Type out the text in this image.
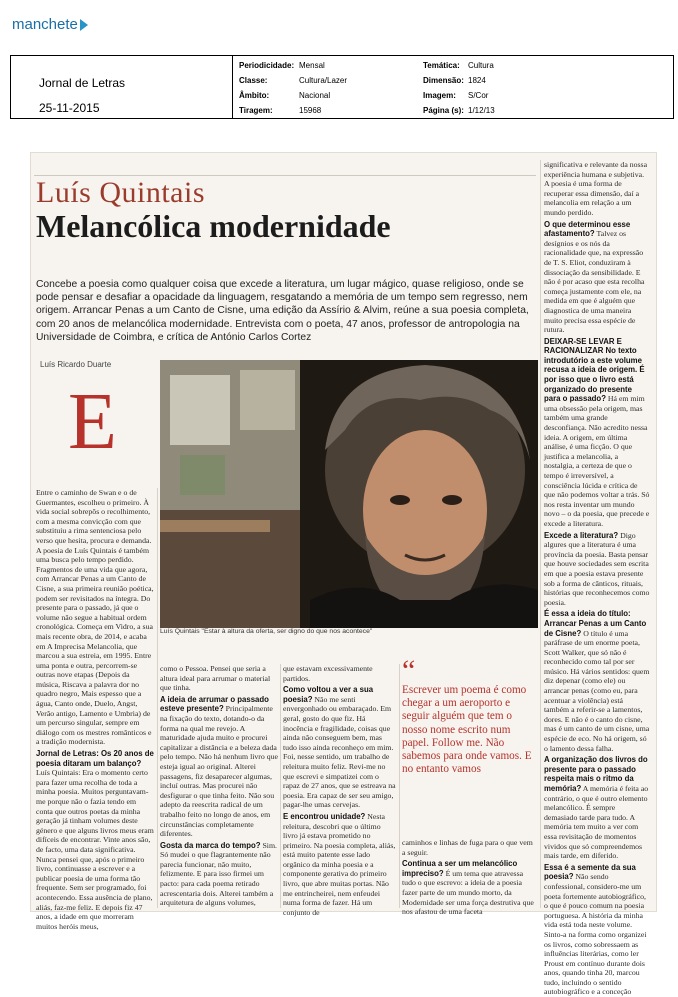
manchete
Jornal de Letras
25-11-2015
Periodicidade: Mensal	Temática: Cultura
Classe:	Cultura/Lazer	Dimensão: 1824
Âmbito:	Nacional	Imagem: S/Cor
Tiragem:	15968	Página (s): 1/12/13
Luís Quintais
Melancólica modernidade
Concebe a poesia como qualquer coisa que excede a literatura, um lugar mágico, quase religioso, onde se pode pensar e desafiar a opacidade da linguagem, resgatando a memória de um tempo sem regresso, nem origem. Arrancar Penas a um Canto de Cisne, uma edição da Assírio & Alvim, reúne a sua poesia completa, com 20 anos de melancólica modernidade. Entrevista com o poeta, 47 anos, professor de antropologia na Universidade de Coimbra, e crítica de António Carlos Cortez
Luís Ricardo Duarte
E

Entre o caminho de Swan e o de Guermantes, escolheu o primeiro. À vida social sobrepôs o recolhimento, com a mesma convicção com que substituiu a rima sentenciosa pelo verso que hesita, procura e demanda. A poesia de Luís Quintais é também uma busca pelo tempo perdido. Fragmentos de uma vida que agora, com Arrancar Penas a um Canto de Cisne, a sua primeira reunião poética, podem ser revisitados na íntegra. Do presente para o passado, já que o volume não segue a habitual ordem cronológica. Começa em Vidro, a sua mais recente obra, de 2014, e acaba em A Imprecisa Melancolia, que marcou a sua estreia, em 1995. Entre uma ponta e outra, percorrem-se outras nove etapas (Depois da música, Riscava a palavra dor no quadro negro, Mais espesso que a água, Canto onde, Duelo, Angst, Verão antigo, Lamento e Umbria) de um percurso singular, sempre em diálogo com os mestres românticos e a tradição modernista.

Jornal de Letras: Os 20 anos de poesia ditaram um balanço? Luís Quintais: Era o momento certo para fazer uma recolha de toda a minha poesia. Muitos perguntavam-me porque não o fazia tendo em conta que outros poetas da minha geração já tinham volumes deste género e que alguns livros meus eram difíceis de encontrar. Vinte anos são, de facto, uma data significativa. Nunca pensei que, após o primeiro livro, continuasse a escrever e a publicar poesia de uma forma tão frequente. Sem ser programado, foi acontecendo. Essa ausência de plano, aliás, faz-me feliz. E depois fiz 47 anos, a idade em que morreram muitos heróis meus,

como o Pessoa. Pensei que seria a altura ideal para arrumar o material que tinha.

A ideia de arrumar o passado esteve presente? Principalmente na fixação do texto, dotando-o da forma na qual me revejo. A maturidade ajuda muito e procurei capitalizar a distância e a beleza dada pelo tempo. Não há nenhum livro que esteja igual ao original. Alterei passagens, fiz desaparecer algumas, incluí outras. Mas procurei não desfigurar o que tinha feito. Não sou adepto da reescrita radical de um trabalho feito no longo de anos, em circunstâncias completamente diferentes.

Gosta da marca do tempo? Sim. Só mudei o que flagrantemente não parecia funcionar, não muito, felizmente. E para isso firmei um pacto: para cada poema retirado acrescentaria dois. Alterei também a arquitetura de alguns volumes,

que estavam excessivamente partidos.

Como voltou a ver a sua poesia? Não me senti envergonhado ou embaraçado. Em geral, gosto do que fiz. Há inocência e fragilidade, coisas que ainda não conseguem bem, mas tudo isso ainda reconheço em mim. Foi, nesse sentido, um trabalho de releitura muito feliz. Revi-me no que escrevi e simpatizei com o rapaz de 27 anos, que se estreava na poesia. Era capaz de ser seu amigo, pagar-lhe umas cervejas.

E encontrou unidade? Nesta releitura, descobri que o último livro já estava prometido no primeiro. Na poesia completa, aliás, está muito patente esse lado orgânico da minha poesia e a componente gerativa do primeiro livro, que abre muitas portas. Não me entrincheirei, nem enfeudei numa forma de fazer. Há um conjunto de

“
Escrever um poema é como chegar a um aeroporto e seguir alguém que tem o nosso nome escrito num papel. Follow me. Não sabemos para onde vamos. E no entanto vamos

caminhos e linhas de fuga para o que vem a seguir.

Continua a ser um melancólico impreciso? É um tema que atravessa tudo o que escrevo: a ideia de a poesia fazer parte de um mundo morto, da Modernidade ser uma força destrutiva que nos afastou de uma faceta

significativa e relevante da nossa experiência humana e subjetiva. A poesia é uma forma de recuperar essa dimensão, daí a melancolia em relação a um mundo perdido.

O que determinou esse afastamento? Talvez os desígnios e os nós da racionalidade que, na expressão de T. S. Eliot, conduziram à dissociação da sensibilidade. E não é por acaso que esta recolha começa justamente com ele, na medida em que é alguém que diagnostica de uma maneira muito precisa essa espécie de rutura.

DEIXAR-SE LEVAR E RACIONALIZAR No texto introdutório a este volume recusa a ideia de origem. É por isso que o livro está organizado do presente para o passado? Há em mim uma obsessão pela origem, mas também uma grande desconfiança. Não acredito nessa ideia. A origem, em última análise, é uma ficção. O que justifica a melancolia, a nostalgia, a certeza de que o tempo é irreversível, a consciência lúcida e crítica de que não podemos voltar a trás. Só nos resta inventar um mundo novo – o da poesia, que precede e excede a literatura.

Excede a literatura? Digo algures que a literatura é uma província da poesia. Basta pensar que houve sociedades sem escrita em que a poesia estava presente sob a forma de cânticos, rituais, histórias que reconhecemos como poesia.

É essa a ideia do título: Arrancar Penas a um Canto de Cisne? O título é uma paráfrase de um enorme poeta, Scott Walker, que só não é reconhecido como tal por ser músico. Há vários sentidos: quem diz depenar (como ele) ou arrancar penas (como eu, para acentuar a violência) está também a referir-se a lamentos, dores. E não é o canto do cisne, mas é um canto de um cisne, uma espécie de eco. No há origem, só o lamento dessa falha.

A organização dos livros do presente para o passado respeita mais o ritmo da memória? A memória é feita ao contrário, o que é outro elemento melancólico. É sempre demasiado tarde para tudo. A memória tem muito a ver com essa revisitação de momentos vividos que só compreendemos mais tarde, em diferido.

Essa é a semente da sua poesia? Não sendo confessional, considero-me um poeta fortemente autobiográfico, o que é pouco comum na poesia portuguesa. A história da minha vida está toda neste volume. Sinto-a na forma como organizei os livros, como sobressaem as influências literárias, como ler Proust em contínuo durante dois anos, quando tinha 20, marcou tudo, incluindo o sentido autobiográfico e a conceção

Luís Quintais "Estar à altura da oferta, ser digno do que nos acontece"
